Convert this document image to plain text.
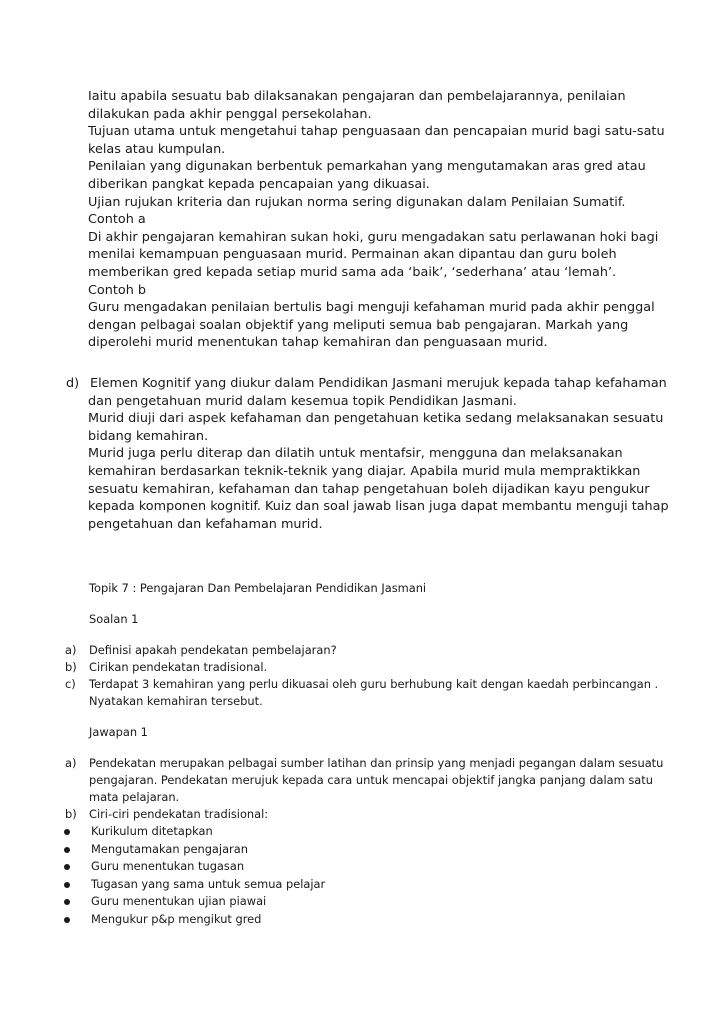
Iaitu apabila sesuatu bab dilaksanakan pengajaran dan pembelajarannya, penilaian
dilakukan pada akhir penggal persekolahan.
Tujuan utama untuk mengetahui tahap penguasaan dan pencapaian murid bagi satu-satu
kelas atau kumpulan.
Penilaian yang digunakan berbentuk pemarkahan yang mengutamakan aras gred atau
diberikan pangkat kepada pencapaian yang dikuasai.
Ujian rujukan kriteria dan rujukan norma sering digunakan dalam Penilaian Sumatif.
Contoh a
Di akhir pengajaran kemahiran sukan hoki, guru mengadakan satu perlawanan hoki bagi
menilai kemampuan penguasaan murid. Permainan akan dipantau dan guru boleh
memberikan gred kepada setiap murid sama ada ‘baik’, ‘sederhana’ atau ‘lemah’.
Contoh b
Guru mengadakan penilaian bertulis bagi menguji kefahaman murid pada akhir penggal
dengan pelbagai soalan objektif yang meliputi semua bab pengajaran. Markah yang
diperolehi murid menentukan tahap kemahiran dan penguasaan murid.
d) Elemen Kognitif yang diukur dalam Pendidikan Jasmani merujuk kepada tahap kefahaman
dan pengetahuan murid dalam kesemua topik Pendidikan Jasmani.
Murid diuji dari aspek kefahaman dan pengetahuan ketika sedang melaksanakan sesuatu
bidang kemahiran.
Murid juga perlu diterap dan dilatih untuk mentafsir, mengguna dan melaksanakan
kemahiran berdasarkan teknik-teknik yang diajar. Apabila murid mula mempraktikkan
sesuatu kemahiran, kefahaman dan tahap pengetahuan boleh dijadikan kayu pengukur
kepada komponen kognitif. Kuiz dan soal jawab lisan juga dapat membantu menguji tahap
pengetahuan dan kefahaman murid.
Topik 7 : Pengajaran Dan Pembelajaran Pendidikan Jasmani
Soalan 1
a) Definisi apakah pendekatan pembelajaran?
b) Cirikan pendekatan tradisional.
c) Terdapat 3 kemahiran yang perlu dikuasai oleh guru berhubung kait dengan kaedah perbincangan .
Nyatakan kemahiran tersebut.
Jawapan 1
a) Pendekatan merupakan pelbagai sumber latihan dan prinsip yang menjadi pegangan dalam sesuatu
pengajaran. Pendekatan merujuk kepada cara untuk mencapai objektif jangka panjang dalam satu
mata pelajaran.
b) Ciri-ciri pendekatan tradisional:
Kurikulum ditetapkan
Mengutamakan pengajaran
Guru menentukan tugasan
Tugasan yang sama untuk semua pelajar
Guru menentukan ujian piawai
Mengukur p&p mengikut gred
